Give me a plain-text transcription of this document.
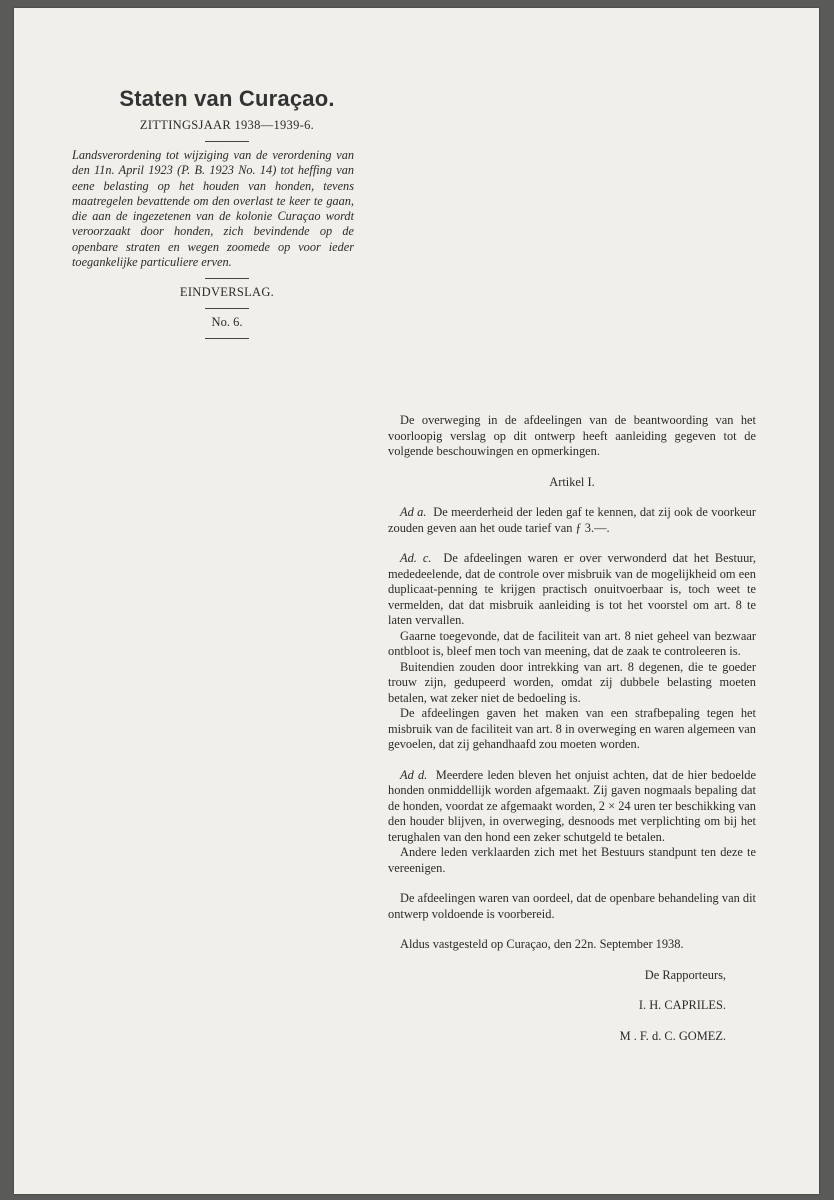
Staten van Curaçao.
ZITTINGSJAAR 1938—1939-6.

Landsverordening tot wijziging van de verordening van den 11n. April 1923 (P. B. 1923 No. 14) tot heffing van eene belasting op het houden van honden, tevens maatregelen bevattende om den overlast te keer te gaan, die aan de ingezetenen van de kolonie Curaçao wordt veroorzaakt door honden, zich bevindende op de openbare straten en wegen zoomede op voor ieder toegankelijke particuliere erven.

EINDVERSLAG.
No. 6.

De overweging in de afdeelingen van de beantwoording van het voorloopig verslag op dit ontwerp heeft aanleiding gegeven tot de volgende beschouwingen en opmerkingen.

Artikel I.

Ad a. De meerderheid der leden gaf te kennen, dat zij ook de voorkeur zouden geven aan het oude tarief van ƒ 3.—.

Ad. c. De afdeelingen waren er over verwonderd dat het Bestuur, mededeelende, dat de controle over misbruik van de mogelijkheid om een duplicaat-penning te krijgen practisch onuitvoerbaar is, toch weet te vermelden, dat dat misbruik aanleiding is tot het voorstel om art. 8 te laten vervallen.

Gaarne toegevonde, dat de faciliteit van art. 8 niet geheel van bezwaar ontbloot is, bleef men toch van meening, dat de zaak te controleeren is.

Buitendien zouden door intrekking van art. 8 degenen, die te goeder trouw zijn, gedupeerd worden, omdat zij dubbele belasting moeten betalen, wat zeker niet de bedoeling is.

De afdeelingen gaven het maken van een strafbepaling tegen het misbruik van de faciliteit van art. 8 in overweging en waren algemeen van gevoelen, dat zij gehandhaafd zou moeten worden.

Ad d. Meerdere leden bleven het onjuist achten, dat de hier bedoelde honden onmiddellijk worden afgemaakt. Zij gaven nogmaals bepaling dat de honden, voordat ze afgemaakt worden, 2 × 24 uren ter beschikking van den houder blijven, in overweging, desnoods met verplichting om bij het terughalen van den hond een zeker schutgeld te betalen.

Andere leden verklaarden zich met het Bestuurs standpunt ten deze te vereenigen.

De afdeelingen waren van oordeel, dat de openbare behandeling van dit ontwerp voldoende is voorbereid.

Aldus vastgesteld op Curaçao, den 22n. September 1938.

De Rapporteurs,

I. H. CAPRILES.

M . F. d. C. GOMEZ.
